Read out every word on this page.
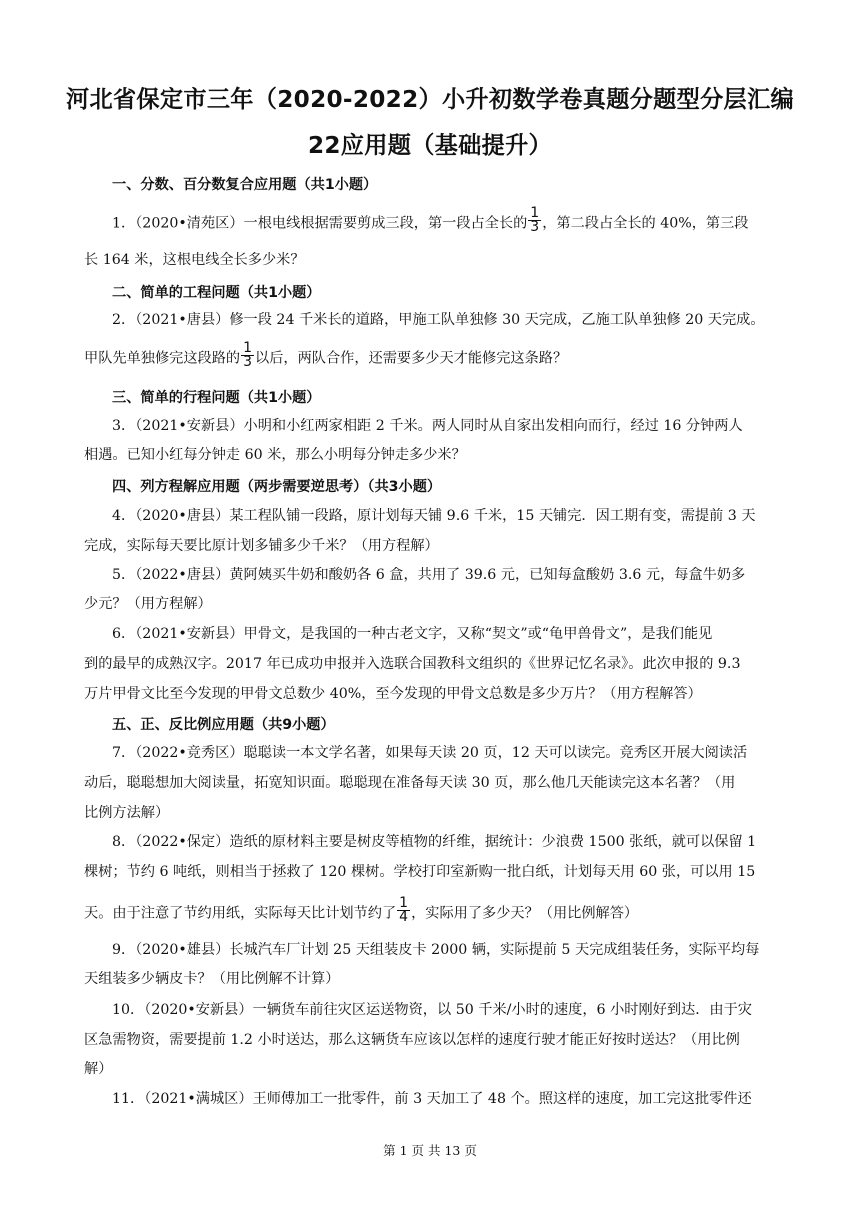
河北省保定市三年（2020-2022）小升初数学卷真题分题型分层汇编
22应用题（基础提升）
一、分数、百分数复合应用题（共1小题）
1．（2020•清苑区）一根电线根据需要剪成三段，第一段占全长的 $\frac{1}{3}$ ，第二段占全长的 40%，第三段
长 164 米，这根电线全长多少米？
二、简单的工程问题（共1小题）
2．（2021•唐县）修一段 24 千米长的道路，甲施工队单独修 30 天完成，乙施工队单独修 20 天完成。
甲队先单独修完这段路的 $\frac{1}{3}$ 以后，两队合作，还需要多少天才能修完这条路？
三、简单的行程问题（共1小题）
3．（2021•安新县）小明和小红两家相距 2 千米。两人同时从自家出发相向而行，经过 16 分钟两人
相遇。已知小红每分钟走 60 米，那么小明每分钟走多少米？
四、列方程解应用题（两步需要逆思考）（共3小题）
4．（2020•唐县）某工程队铺一段路，原计划每天铺 9.6 千米，15 天铺完．因工期有变，需提前 3 天
完成，实际每天要比原计划多铺多少千米？（用方程解）
5．（2022•唐县）黄阿姨买牛奶和酸奶各 6 盒，共用了 39.6 元，已知每盒酸奶 3.6 元，每盒牛奶多
少元？（用方程解）
6．（2021•安新县）甲骨文，是我国的一种古老文字，又称“契文”或“龟甲兽骨文”，是我们能见
到的最早的成熟汉字。2017 年已成功申报并入选联合国教科文组织的《世界记忆名录》。此次申报的 9.3
万片甲骨文比至今发现的甲骨文总数少 40%，至今发现的甲骨文总数是多少万片？（用方程解答）
五、正、反比例应用题（共9小题）
7．（2022•竞秀区）聪聪读一本文学名著，如果每天读 20 页，12 天可以读完。竞秀区开展大阅读活
动后，聪聪想加大阅读量，拓宽知识面。聪聪现在准备每天读 30 页，那么他几天能读完这本名著？（用
比例方法解）
8．（2022•保定）造纸的原材料主要是树皮等植物的纤维，据统计：少浪费 1500 张纸，就可以保留 1
棵树；节约 6 吨纸，则相当于拯救了 120 棵树。学校打印室新购一批白纸，计划每天用 60 张，可以用 15
天。由于注意了节约用纸，实际每天比计划节约了 $\frac{1}{4}$ ，实际用了多少天？（用比例解答）
9．（2020•雄县）长城汽车厂计划 25 天组装皮卡 2000 辆，实际提前 5 天完成组装任务，实际平均每
天组装多少辆皮卡？（用比例解不计算）
10．（2020•安新县）一辆货车前往灾区运送物资，以 50 千米/小时的速度，6 小时刚好到达．由于灾
区急需物资，需要提前 1.2 小时送达，那么这辆货车应该以怎样的速度行驶才能正好按时送达？（用比例
解）
11．（2021•满城区）王师傅加工一批零件，前 3 天加工了 48 个。照这样的速度，加工完这批零件还
第 1 页 共 13 页
